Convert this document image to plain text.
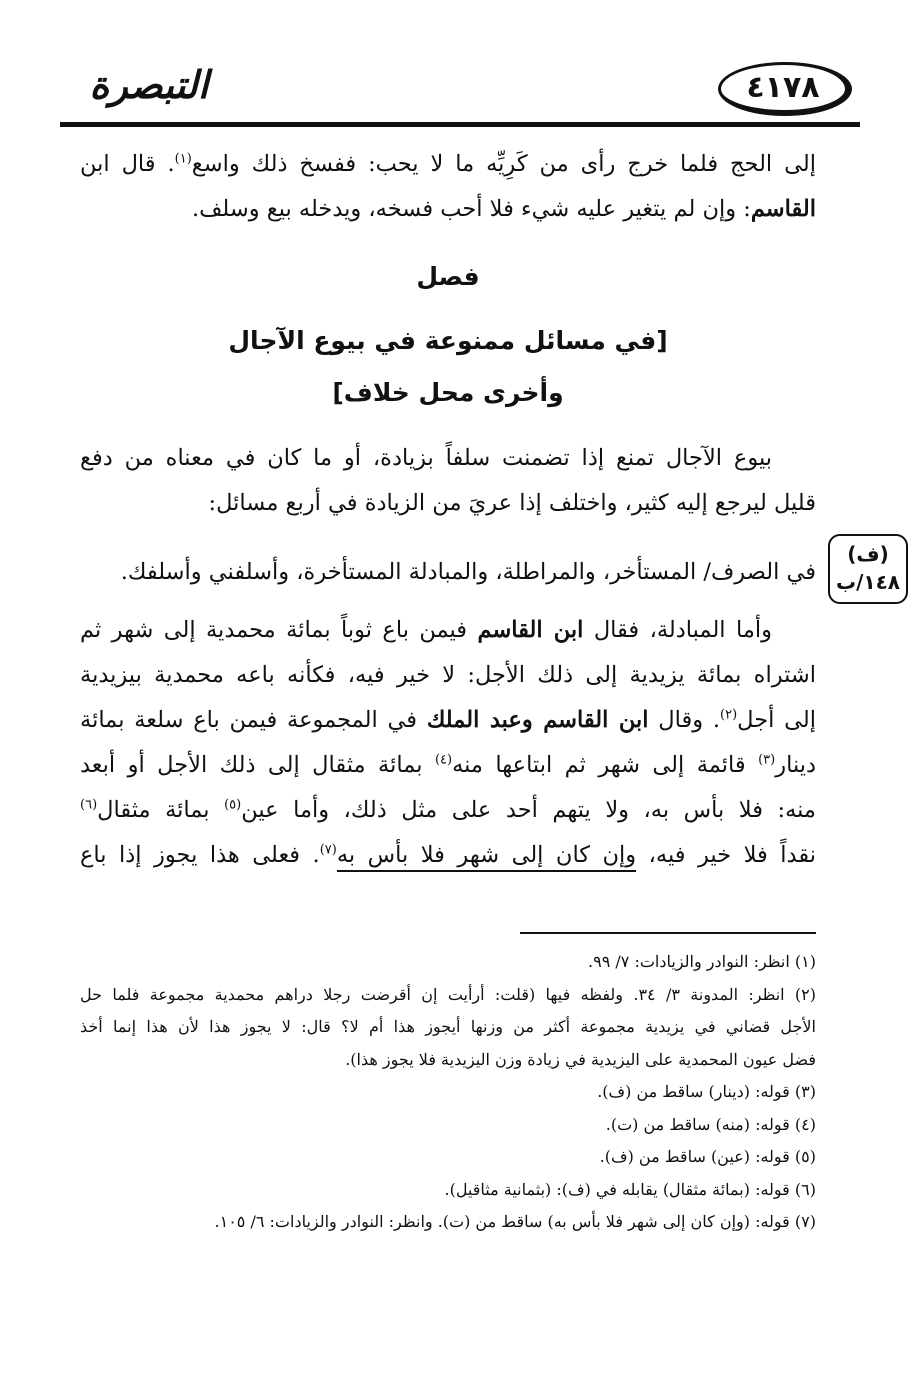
التبصرة	٤١٧٨
إلى الحج فلما خرج رأى من كَرِيِّه ما لا يحب: ففسخ ذلك واسع$^{(١)}$. قال ابن
القاسم: وإن لم يتغير عليه شيء فلا أحب فسخه، ويدخله بيع وسلف.
فصل
[في مسائل ممنوعة في بيوع الآجال
وأخرى محل خلاف]
بيوع الآجال تمنع إذا تضمنت سلفاً بزيادة، أو ما كان في معناه من دفع
قليل ليرجع إليه كثير، واختلف إذا عريَ من الزيادة في أربع مسائل:
في الصرف/ المستأخر، والمراطلة، والمبادلة المستأخرة، وأسلفني وأسلفك.
(ف)
١٤٨/ب
وأما المبادلة، فقال ابن القاسم فيمن باع ثوباً بمائة محمدية إلى شهر ثم
اشتراه بمائة يزيدية إلى ذلك الأجل: لا خير فيه، فكأنه باعه محمدية بيزيدية
إلى أجل$^{(٢)}$. وقال ابن القاسم وعبد الملك في المجموعة فيمن باع سلعة بمائة
دينار$^{(٣)}$ قائمة إلى شهر ثم ابتاعها منه$^{(٤)}$ بمائة مثقال إلى ذلك الأجل أو أبعد
منه: فلا بأس به، ولا يتهم أحد على مثل ذلك، وأما عين$^{(٥)}$ بمائة مثقال$^{(٦)}$
نقداً فلا خير فيه، وإن كان إلى شهر فلا بأس به$^{(٧)}$. فعلى هذا يجوز إذا باع
(١) انظر: النوادر والزيادات: ٧/ ٩٩.
(٢) انظر: المدونة ٣/ ٣٤. ولفظه فيها (قلت: أرأيت إن أقرضت رجلا دراهم محمدية مجموعة فلما حل
الأجل قضاني في يزيدية مجموعة أكثر من وزنها أيجوز هذا أم لا؟ قال: لا يجوز هذا لأن هذا إنما أخذ
فضل عيون المحمدية على اليزيدية في زيادة وزن اليزيدية فلا يجوز هذا).
(٣) قوله: (دينار) ساقط من (ف).
(٤) قوله: (منه) ساقط من (ت).
(٥) قوله: (عين) ساقط من (ف).
(٦) قوله: (بمائة مثقال) يقابله في (ف): (بثمانية مثاقيل).
(٧) قوله: (وإن كان إلى شهر فلا بأس به) ساقط من (ت). وانظر: النوادر والزيادات: ٦/ ١٠٥.
